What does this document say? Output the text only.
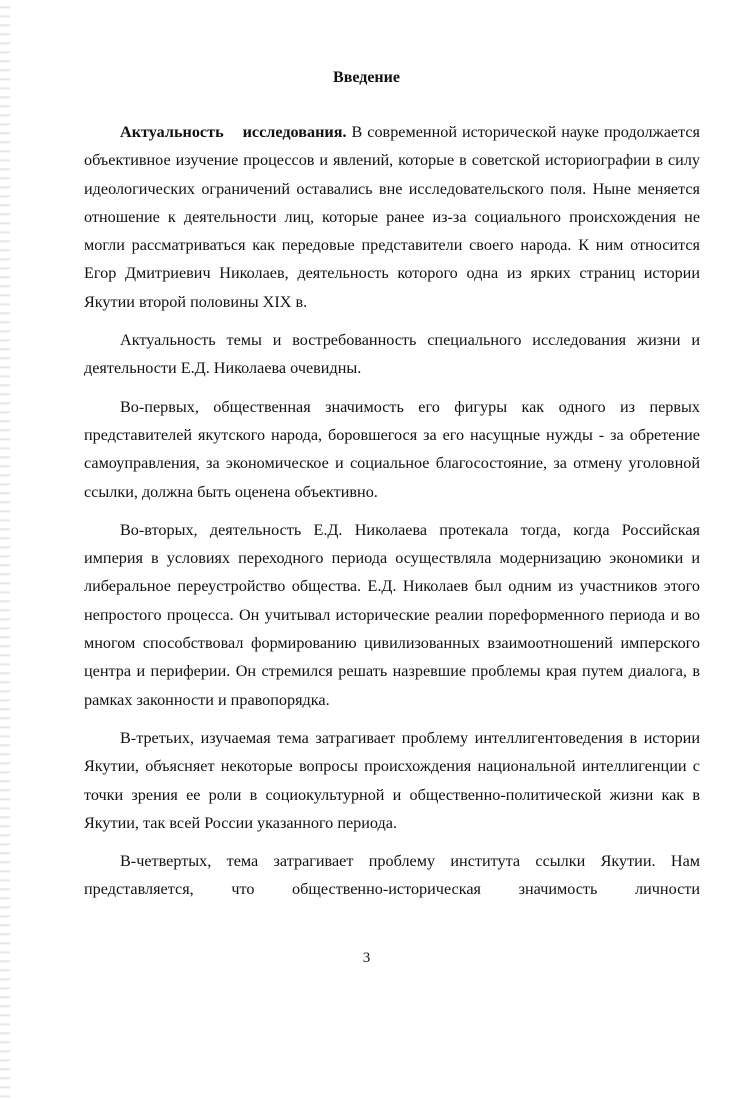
Введение

Актуальность исследования. В современной исторической науке продолжается объективное изучение процессов и явлений, которые в советской историографии в силу идеологических ограничений оставались вне исследовательского поля. Ныне меняется отношение к деятельности лиц, которые ранее из-за социального происхождения не могли рассматриваться как передовые представители своего народа. К ним относится Егор Дмитриевич Николаев, деятельность которого одна из ярких страниц истории Якутии второй половины XIX в.

Актуальность темы и востребованность специального исследования жизни и деятельности Е.Д. Николаева очевидны.

Во-первых, общественная значимость его фигуры как одного из первых представителей якутского народа, боровшегося за его насущные нужды - за обретение самоуправления, за экономическое и социальное благосостояние, за отмену уголовной ссылки, должна быть оценена объективно.

Во-вторых, деятельность Е.Д. Николаева протекала тогда, когда Российская империя в условиях переходного периода осуществляла модернизацию экономики и либеральное переустройство общества. Е.Д. Николаев был одним из участников этого непростого процесса. Он учитывал исторические реалии пореформенного периода и во многом способствовал формированию цивилизованных взаимоотношений имперского центра и периферии. Он стремился решать назревшие проблемы края путем диалога, в рамках законности и правопорядка.

В-третьих, изучаемая тема затрагивает проблему интеллигентоведения в истории Якутии, объясняет некоторые вопросы происхождения национальной интеллигенции с точки зрения ее роли в социокультурной и общественно-политической жизни как в Якутии, так всей России указанного периода.

В-четвертых, тема затрагивает проблему института ссылки Якутии. Нам представляется, что общественно-историческая значимость личности

3
